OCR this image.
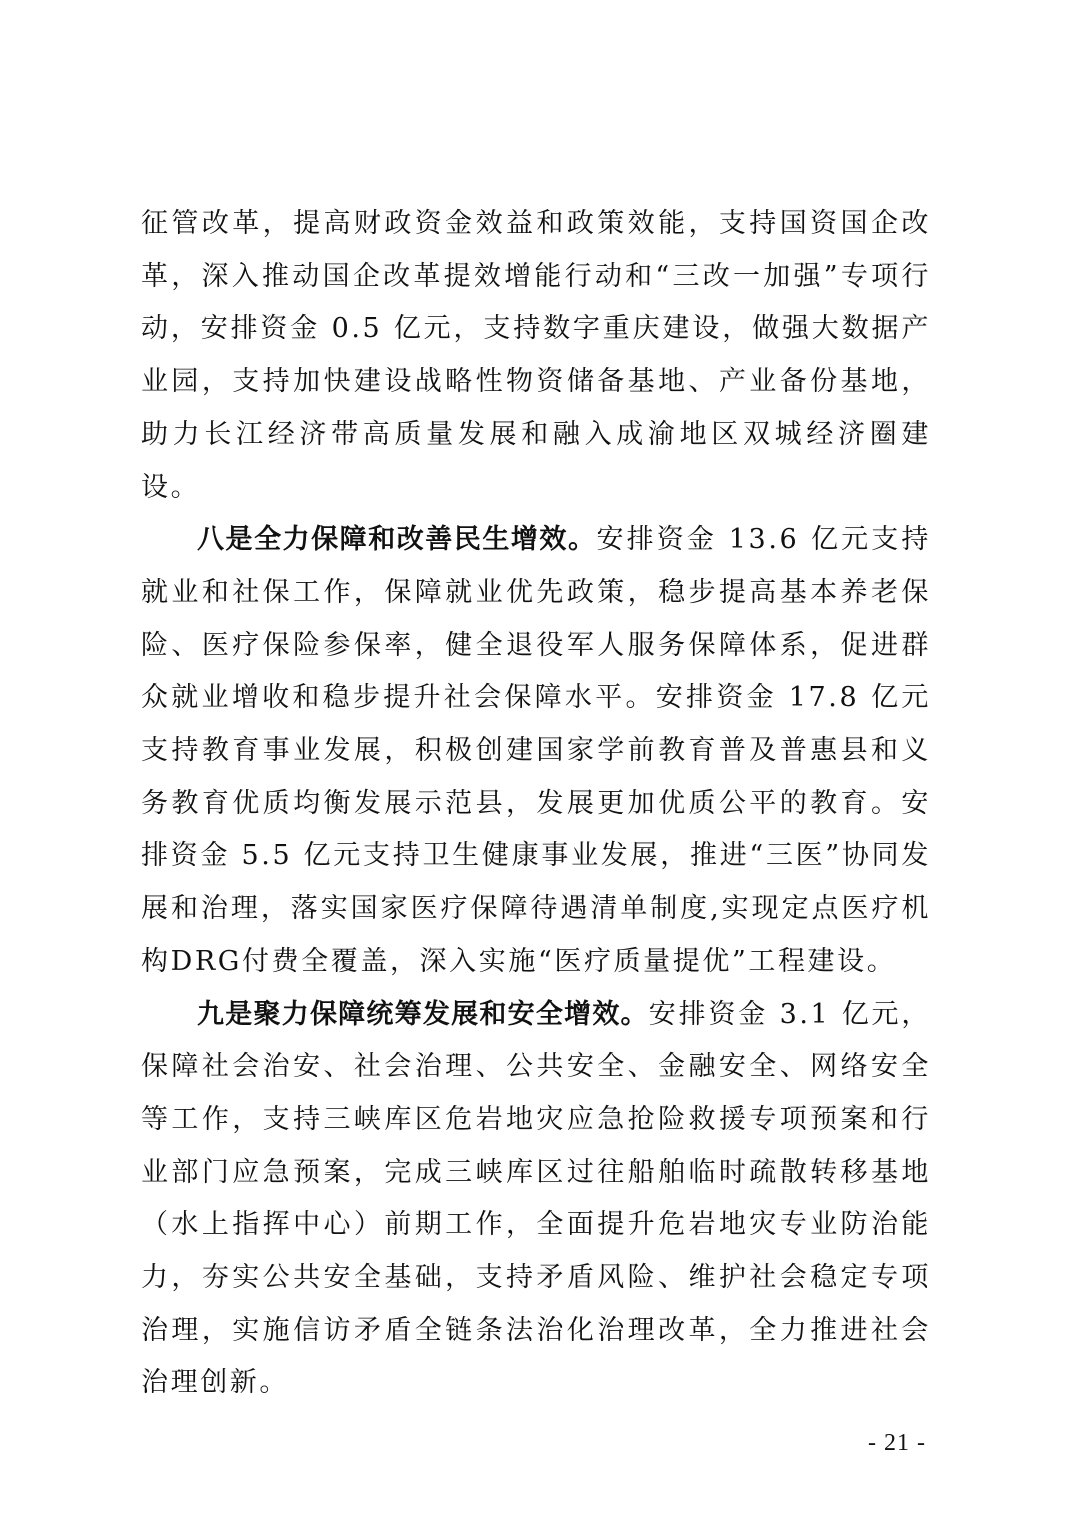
征管改革，提高财政资金效益和政策效能，支持国资国企改革，深入推动国企改革提效增能行动和“三改一加强”专项行动，安排资金 0.5 亿元，支持数字重庆建设，做强大数据产业园，支持加快建设战略性物资储备基地、产业备份基地，助力长江经济带高质量发展和融入成渝地区双城经济圈建设。

八是全力保障和改善民生增效。安排资金 13.6 亿元支持就业和社保工作，保障就业优先政策，稳步提高基本养老保险、医疗保险参保率，健全退役军人服务保障体系，促进群众就业增收和稳步提升社会保障水平。安排资金 17.8 亿元支持教育事业发展，积极创建国家学前教育普及普惠县和义务教育优质均衡发展示范县，发展更加优质公平的教育。安排资金 5.5 亿元支持卫生健康事业发展，推进“三医”协同发展和治理，落实国家医疗保障待遇清单制度,实现定点医疗机构DRG付费全覆盖，深入实施“医疗质量提优”工程建设。

九是聚力保障统筹发展和安全增效。安排资金 3.1 亿元，保障社会治安、社会治理、公共安全、金融安全、网络安全等工作，支持三峡库区危岩地灾应急抢险救援专项预案和行业部门应急预案，完成三峡库区过往船舶临时疏散转移基地（水上指挥中心）前期工作，全面提升危岩地灾专业防治能力，夯实公共安全基础，支持矛盾风险、维护社会稳定专项治理，实施信访矛盾全链条法治化治理改革，全力推进社会治理创新。

- 21 -
